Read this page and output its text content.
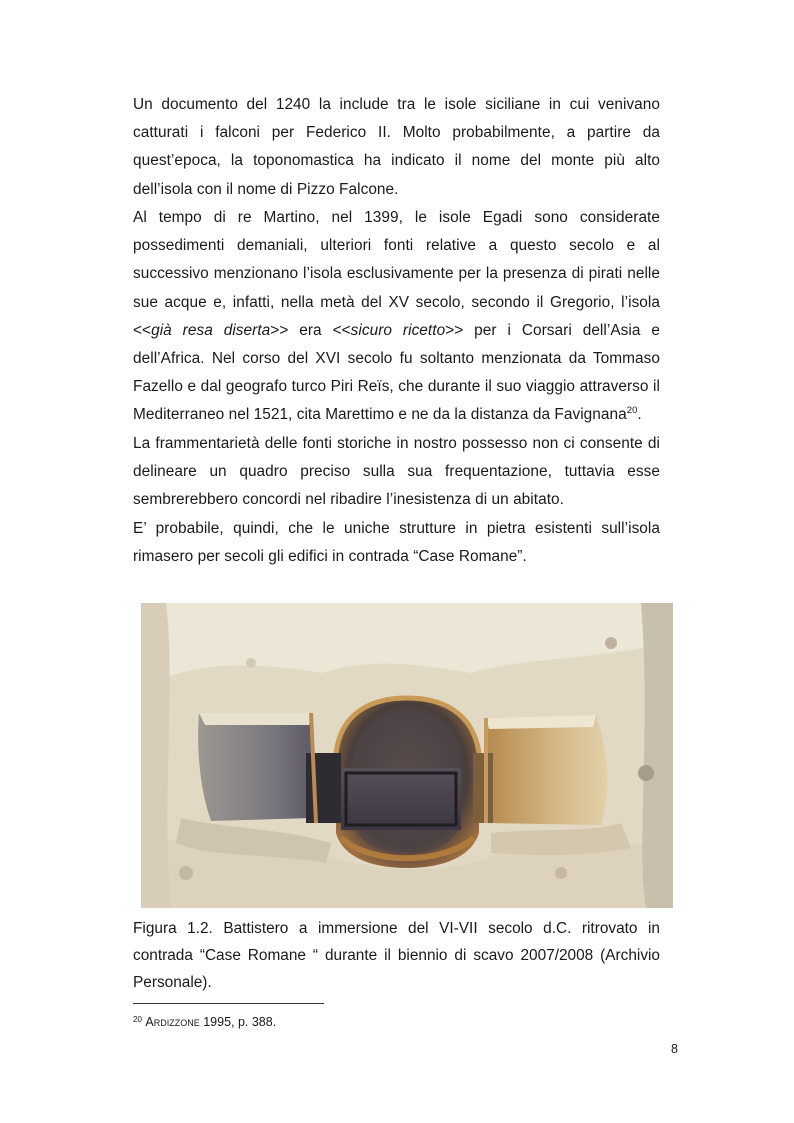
Un documento del 1240 la include tra le isole siciliane in cui venivano catturati i falconi per Federico II. Molto probabilmente, a partire da quest’epoca, la toponomastica ha indicato il nome del monte più alto dell’isola con il nome di Pizzo Falcone.

Al tempo di re Martino, nel 1399, le isole Egadi sono considerate possedimenti demaniali, ulteriori fonti relative a questo secolo e al successivo menzionano l’isola esclusivamente per la presenza di pirati nelle sue acque e, infatti, nella metà del XV secolo, secondo il Gregorio, l’isola <<già resa diserta>> era <<sicuro ricetto>> per i Corsari dell’Asia e dell’Africa. Nel corso del XVI secolo fu soltanto menzionata da Tommaso Fazello e dal geografo turco Piri Reïs, che durante il suo viaggio attraverso il Mediterraneo nel 1521, cita Marettimo e ne da la distanza da Favignana$^{20}$.

La frammentarietà delle fonti storiche in nostro possesso non ci consente di delineare un quadro preciso sulla sua frequentazione, tuttavia esse sembrerebbero concordi nel ribadire l’inesistenza di un abitato.

E’ probabile, quindi, che le uniche strutture in pietra esistenti sull’isola rimasero per secoli gli edifici in contrada “Case Romane”.

Figura 1.2. Battistero a immersione del VI-VII secolo d.C. ritrovato in contrada “Case Romane “ durante il biennio di scavo 2007/2008 (Archivio Personale).

$^{20}$ Ardizzone 1995, p. 388.
8
